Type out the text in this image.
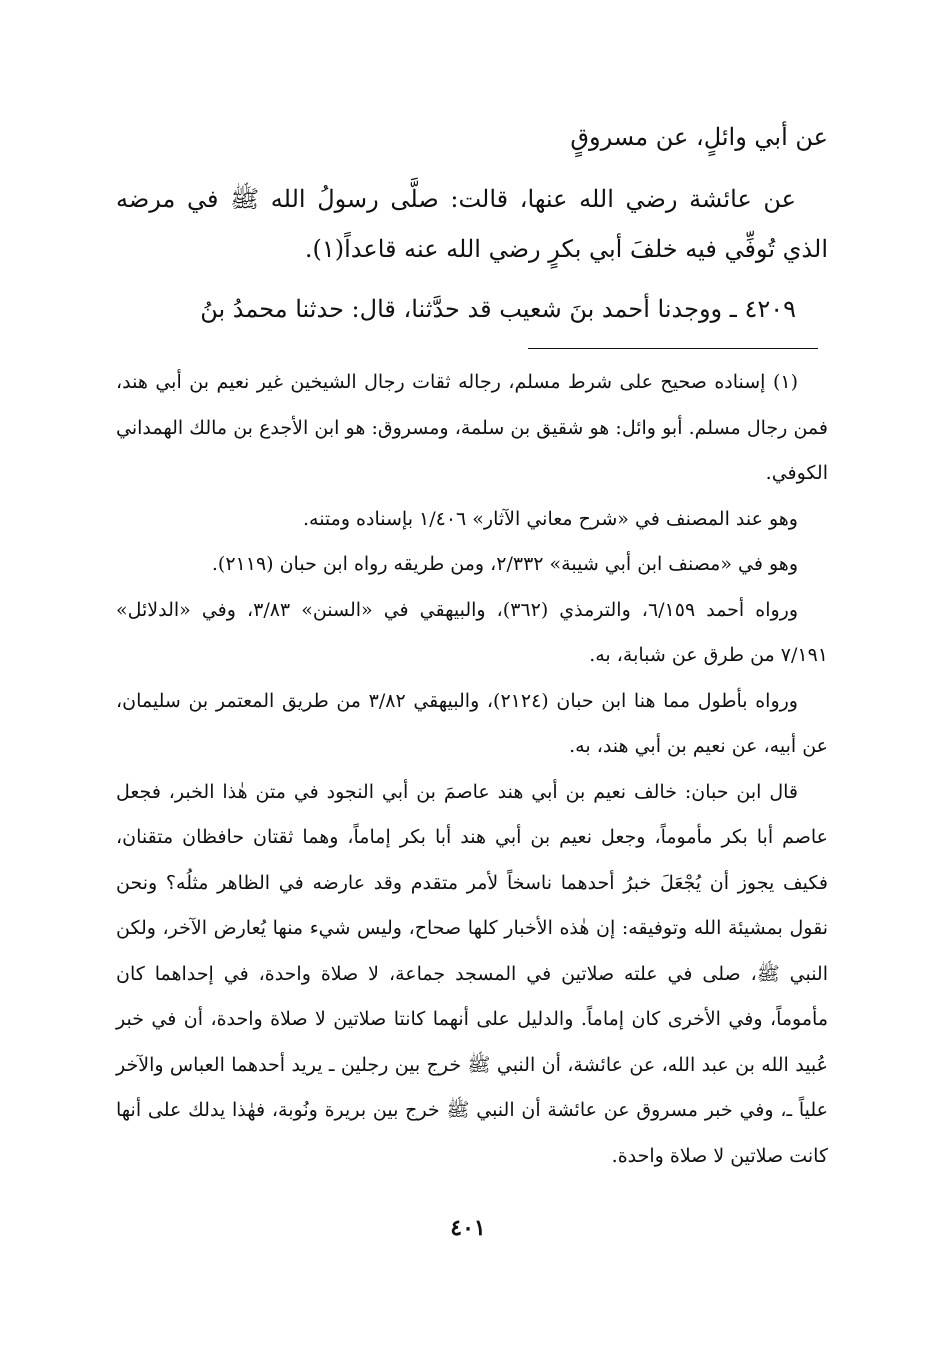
عن أبي وائلٍ، عن مسروقٍ

عن عائشة رضي الله عنها، قالت: صلَّى رسولُ الله ﷺ في مرضه الذي تُوفِّي فيه خلفَ أبي بكرٍ رضي الله عنه قاعداً(١).

٤٢٠٩ ـ ووجدنا أحمد بنَ شعيب قد حدَّثنا، قال: حدثنا محمدُ بنُ

(١) إسناده صحيح على شرط مسلم، رجاله ثقات رجال الشيخين غير نعيم بن أبي هند، فمن رجال مسلم. أبو وائل: هو شقيق بن سلمة، ومسروق: هو ابن الأجدع بن مالك الهمداني الكوفي.

وهو عند المصنف في «شرح معاني الآثار» ١/٤٠٦ بإسناده ومتنه.

وهو في «مصنف ابن أبي شيبة» ٢/٣٣٢، ومن طريقه رواه ابن حبان (٢١١٩).

ورواه أحمد ٦/١٥٩، والترمذي (٣٦٢)، والبيهقي في «السنن» ٣/٨٣، وفي «الدلائل» ٧/١٩١ من طرق عن شبابة، به.

ورواه بأطول مما هنا ابن حبان (٢١٢٤)، والبيهقي ٣/٨٢ من طريق المعتمر بن سليمان، عن أبيه، عن نعيم بن أبي هند، به.

قال ابن حبان: خالف نعيم بن أبي هند عاصمَ بن أبي النجود في متن هٰذا الخبر، فجعل عاصم أبا بكر مأموماً، وجعل نعيم بن أبي هند أبا بكر إماماً، وهما ثقتان حافظان متقنان، فكيف يجوز أن يُجْعَلَ خبرُ أحدهما ناسخاً لأمر متقدم وقد عارضه في الظاهر مثلُه؟ ونحن نقول بمشيئة الله وتوفيقه: إن هٰذه الأخبار كلها صحاح، وليس شيء منها يُعارض الآخر، ولكن النبي ﷺ، صلى في علته صلاتين في المسجد جماعة، لا صلاة واحدة، في إحداهما كان مأموماً، وفي الأخرى كان إماماً. والدليل على أنهما كانتا صلاتين لا صلاة واحدة، أن في خبر عُبيد الله بن عبد الله، عن عائشة، أن النبي ﷺ خرج بين رجلين ـ يريد أحدهما العباس والآخر علياً ـ، وفي خبر مسروق عن عائشة أن النبي ﷺ خرج بين بريرة ونُوبة، فهٰذا يدلك على أنها كانت صلاتين لا صلاة واحدة.

٤٠١
